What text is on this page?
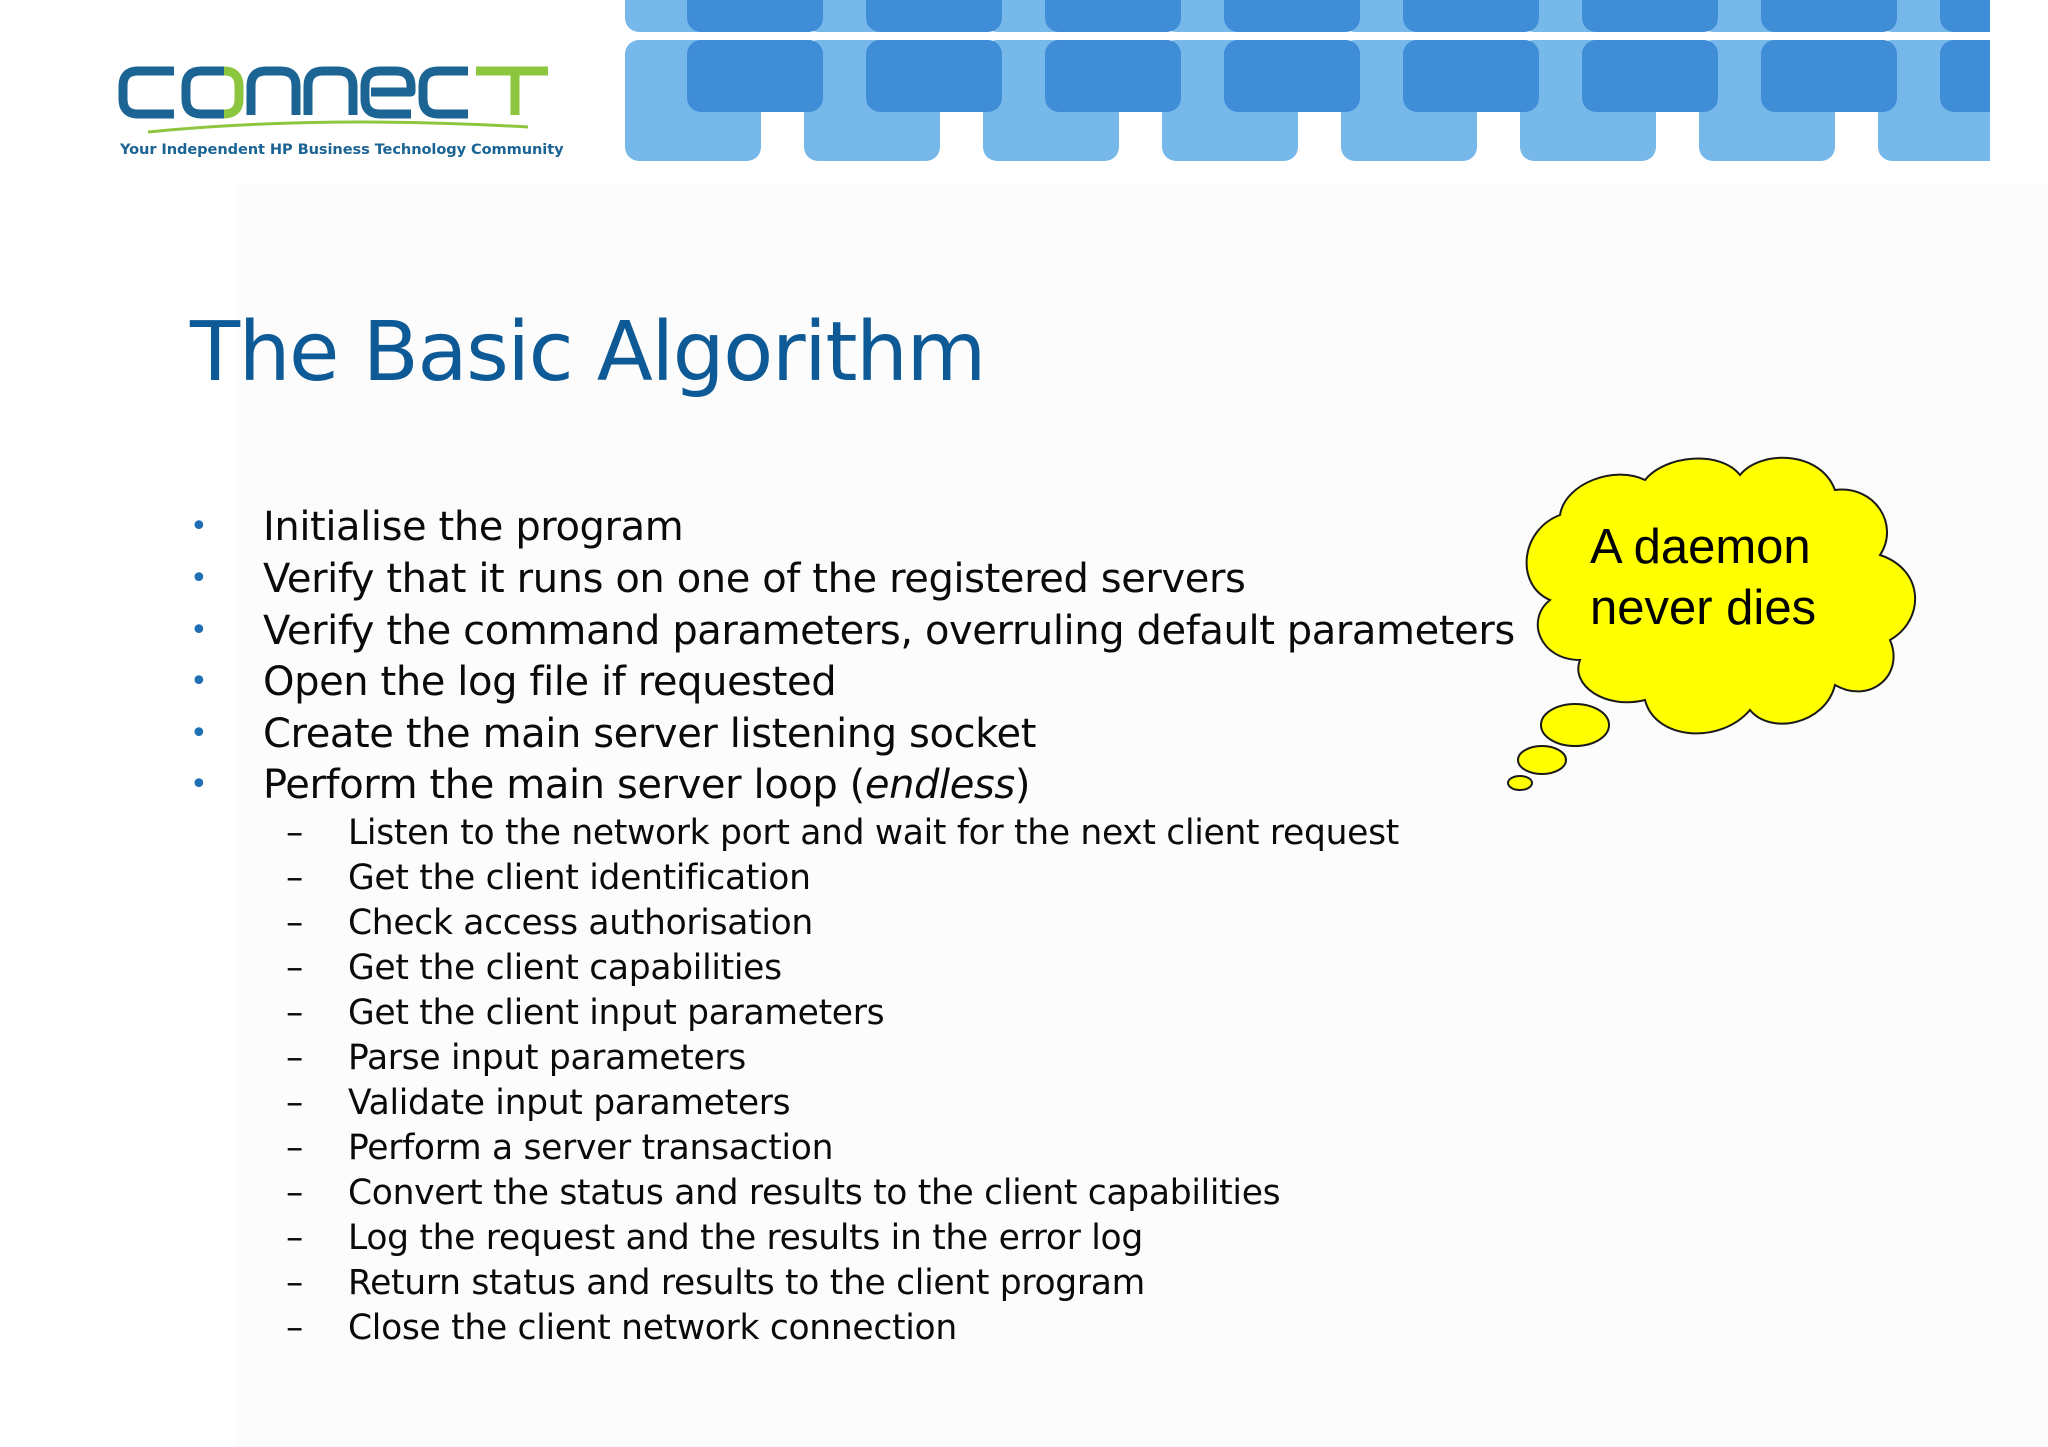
Your Independent HP Business Technology Community
The Basic Algorithm
• Initialise the program
• Verify that it runs on one of the registered servers
• Verify the command parameters, overruling default parameters
• Open the log file if requested
• Create the main server listening socket
• Perform the main server loop (endless)
– Listen to the network port and wait for the next client request
– Get the client identification
– Check access authorisation
– Get the client capabilities
– Get the client input parameters
– Parse input parameters
– Validate input parameters
– Perform a server transaction
– Convert the status and results to the client capabilities
– Log the request and the results in the error log
– Return status and results to the client program
– Close the client network connection
A daemon
never dies
